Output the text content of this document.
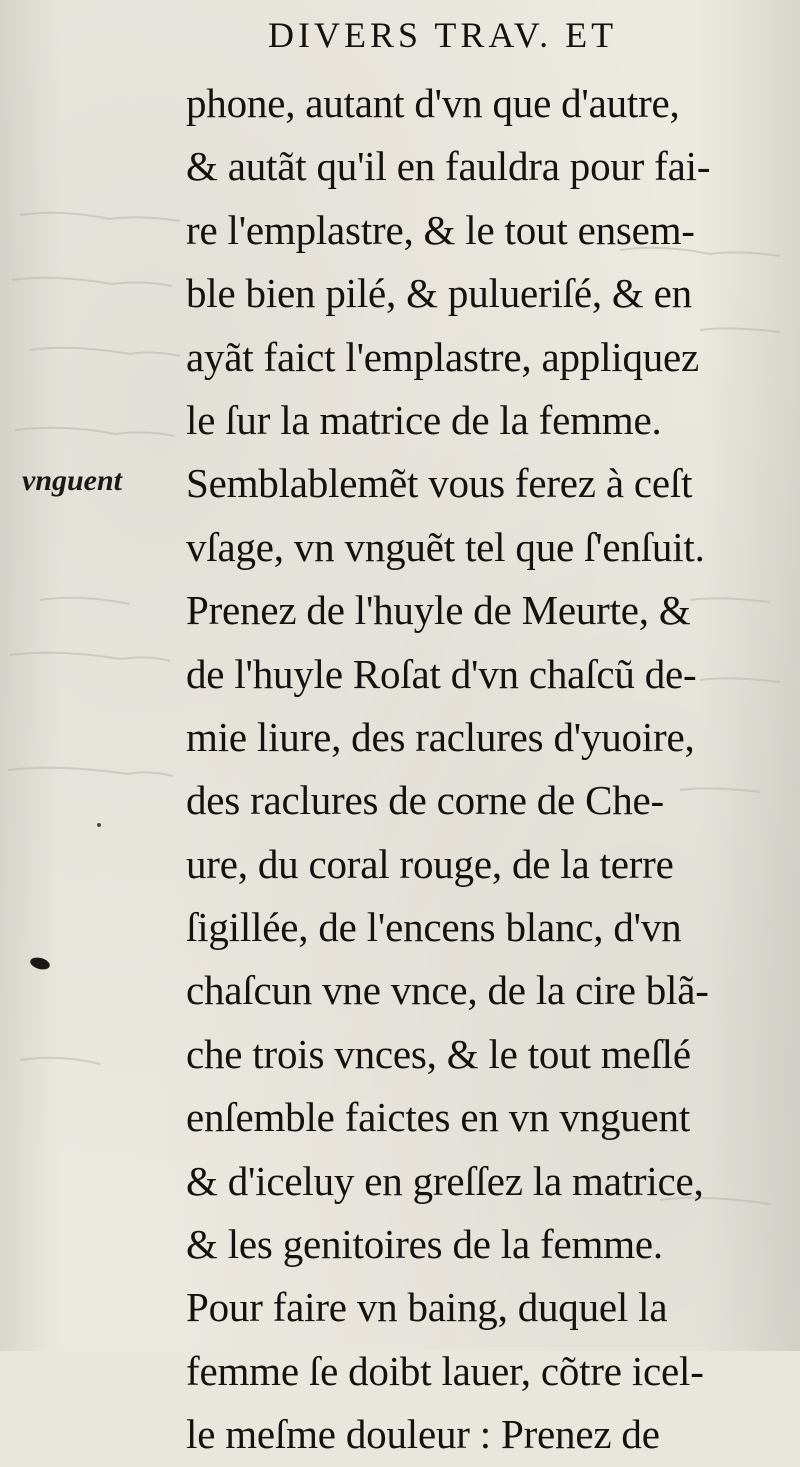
DIVERS TRAV. ET
vnguent
phone, autant d'vn que d'autre,
& autãt qu'il en fauldra pour fai-
re l'emplastre, & le tout ensem-
ble bien pilé, & pulueriſé, & en
ayãt faict l'emplastre, appliquez
le ſur la matrice de la femme.
Semblablemẽt vous ferez à ceſt
vſage, vn vnguẽt tel que ſ'enſuit.
Prenez de l'huyle de Meurte, &
de l'huyle Roſat d'vn chaſcũ de-
mie liure, des raclures d'yuoire,
des raclures de corne de Che-
ure, du coral rouge, de la terre
ſigillée, de l'encens blanc, d'vn
chaſcun vne vnce, de la cire blã-
che trois vnces, & le tout meſlé
enſemble faictes en vn vnguent
& d'iceluy en greſſez la matrice,
& les genitoires de la femme.
Pour faire vn baing, duquel la
femme ſe doibt lauer, cõtre icel-
le meſme douleur : Prenez de
